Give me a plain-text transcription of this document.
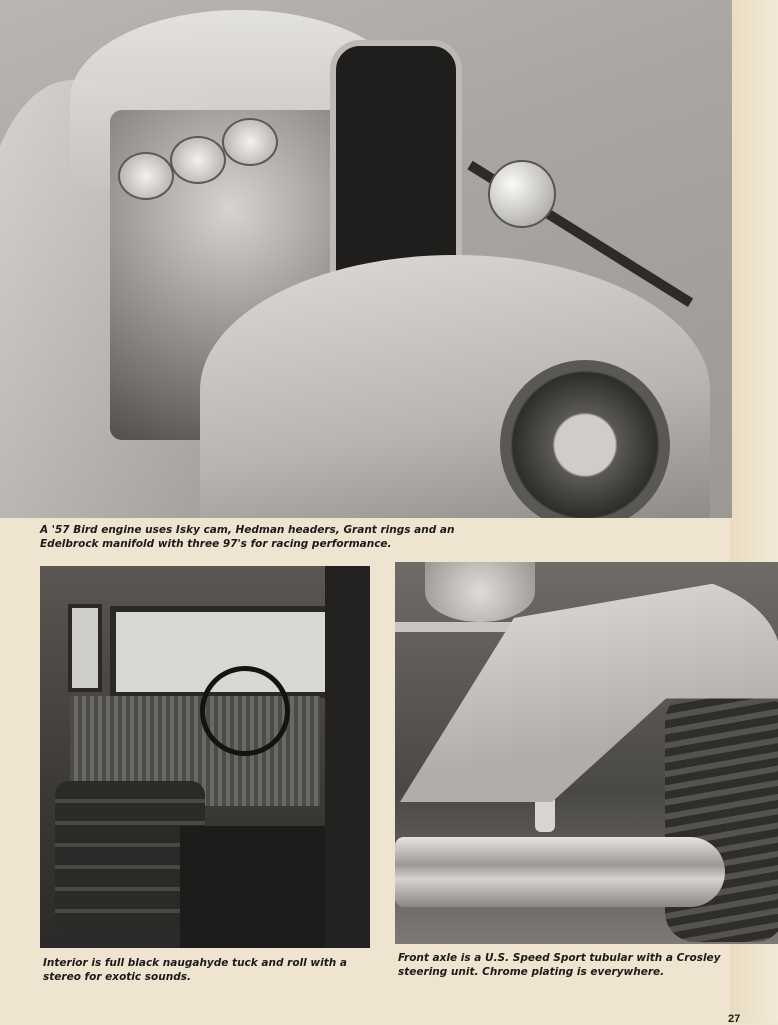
A '57 Bird engine uses Isky cam, Hedman headers, Grant rings and an Edelbrock manifold with three 97's for racing performance.

Interior is full black naugahyde tuck and roll with a stereo for exotic sounds.

Front axle is a U.S. Speed Sport tubular with a Crosley steering unit. Chrome plating is everywhere.

27
